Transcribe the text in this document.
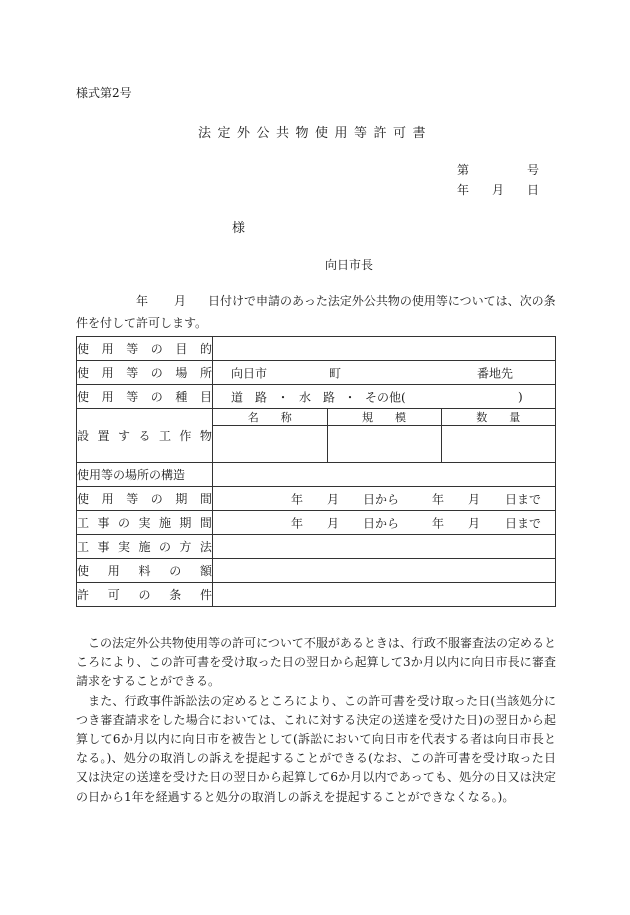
様式第2号
法定外公共物使用等許可書
第	号
年 月 日
様
向日市長
年 月 日付けで申請のあった法定外公共物の使用等については、次の条件を付して許可します。
使 用 等 の 目 的

使 用 等 の 場 所	向日市	町	番地先

使 用 等 の 種 目	道　路 ・ 水　路 ・ その他(	)

設 置 す る 工 作 物

名　　称	規　　模	数　　量

使用等の場所の構造	

使 用 等 の 期 間	年 月 日から	年 月 日まで

工 事 の 実 施 期 間	年 月 日から	年 月 日まで

工 事 実 施 の 方 法

使 用 料 の 額

許 可 の 条 件

この法定外公共物使用等の許可について不服があるときは、行政不服審査法の定めるところにより、この許可書を受け取った日の翌日から起算して3か月以内に向日市長に審査請求をすることができる。

また、行政事件訴訟法の定めるところにより、この許可書を受け取った日(当該処分につき審査請求をした場合においては、これに対する決定の送達を受けた日)の翌日から起算して6か月以内に向日市を被告として(訴訟において向日市を代表する者は向日市長となる。)、処分の取消しの訴えを提起することができる(なお、この許可書を受け取った日又は決定の送達を受けた日の翌日から起算して6か月以内であっても、処分の日又は決定の日から1年を経過すると処分の取消しの訴えを提起することができなくなる。)。
